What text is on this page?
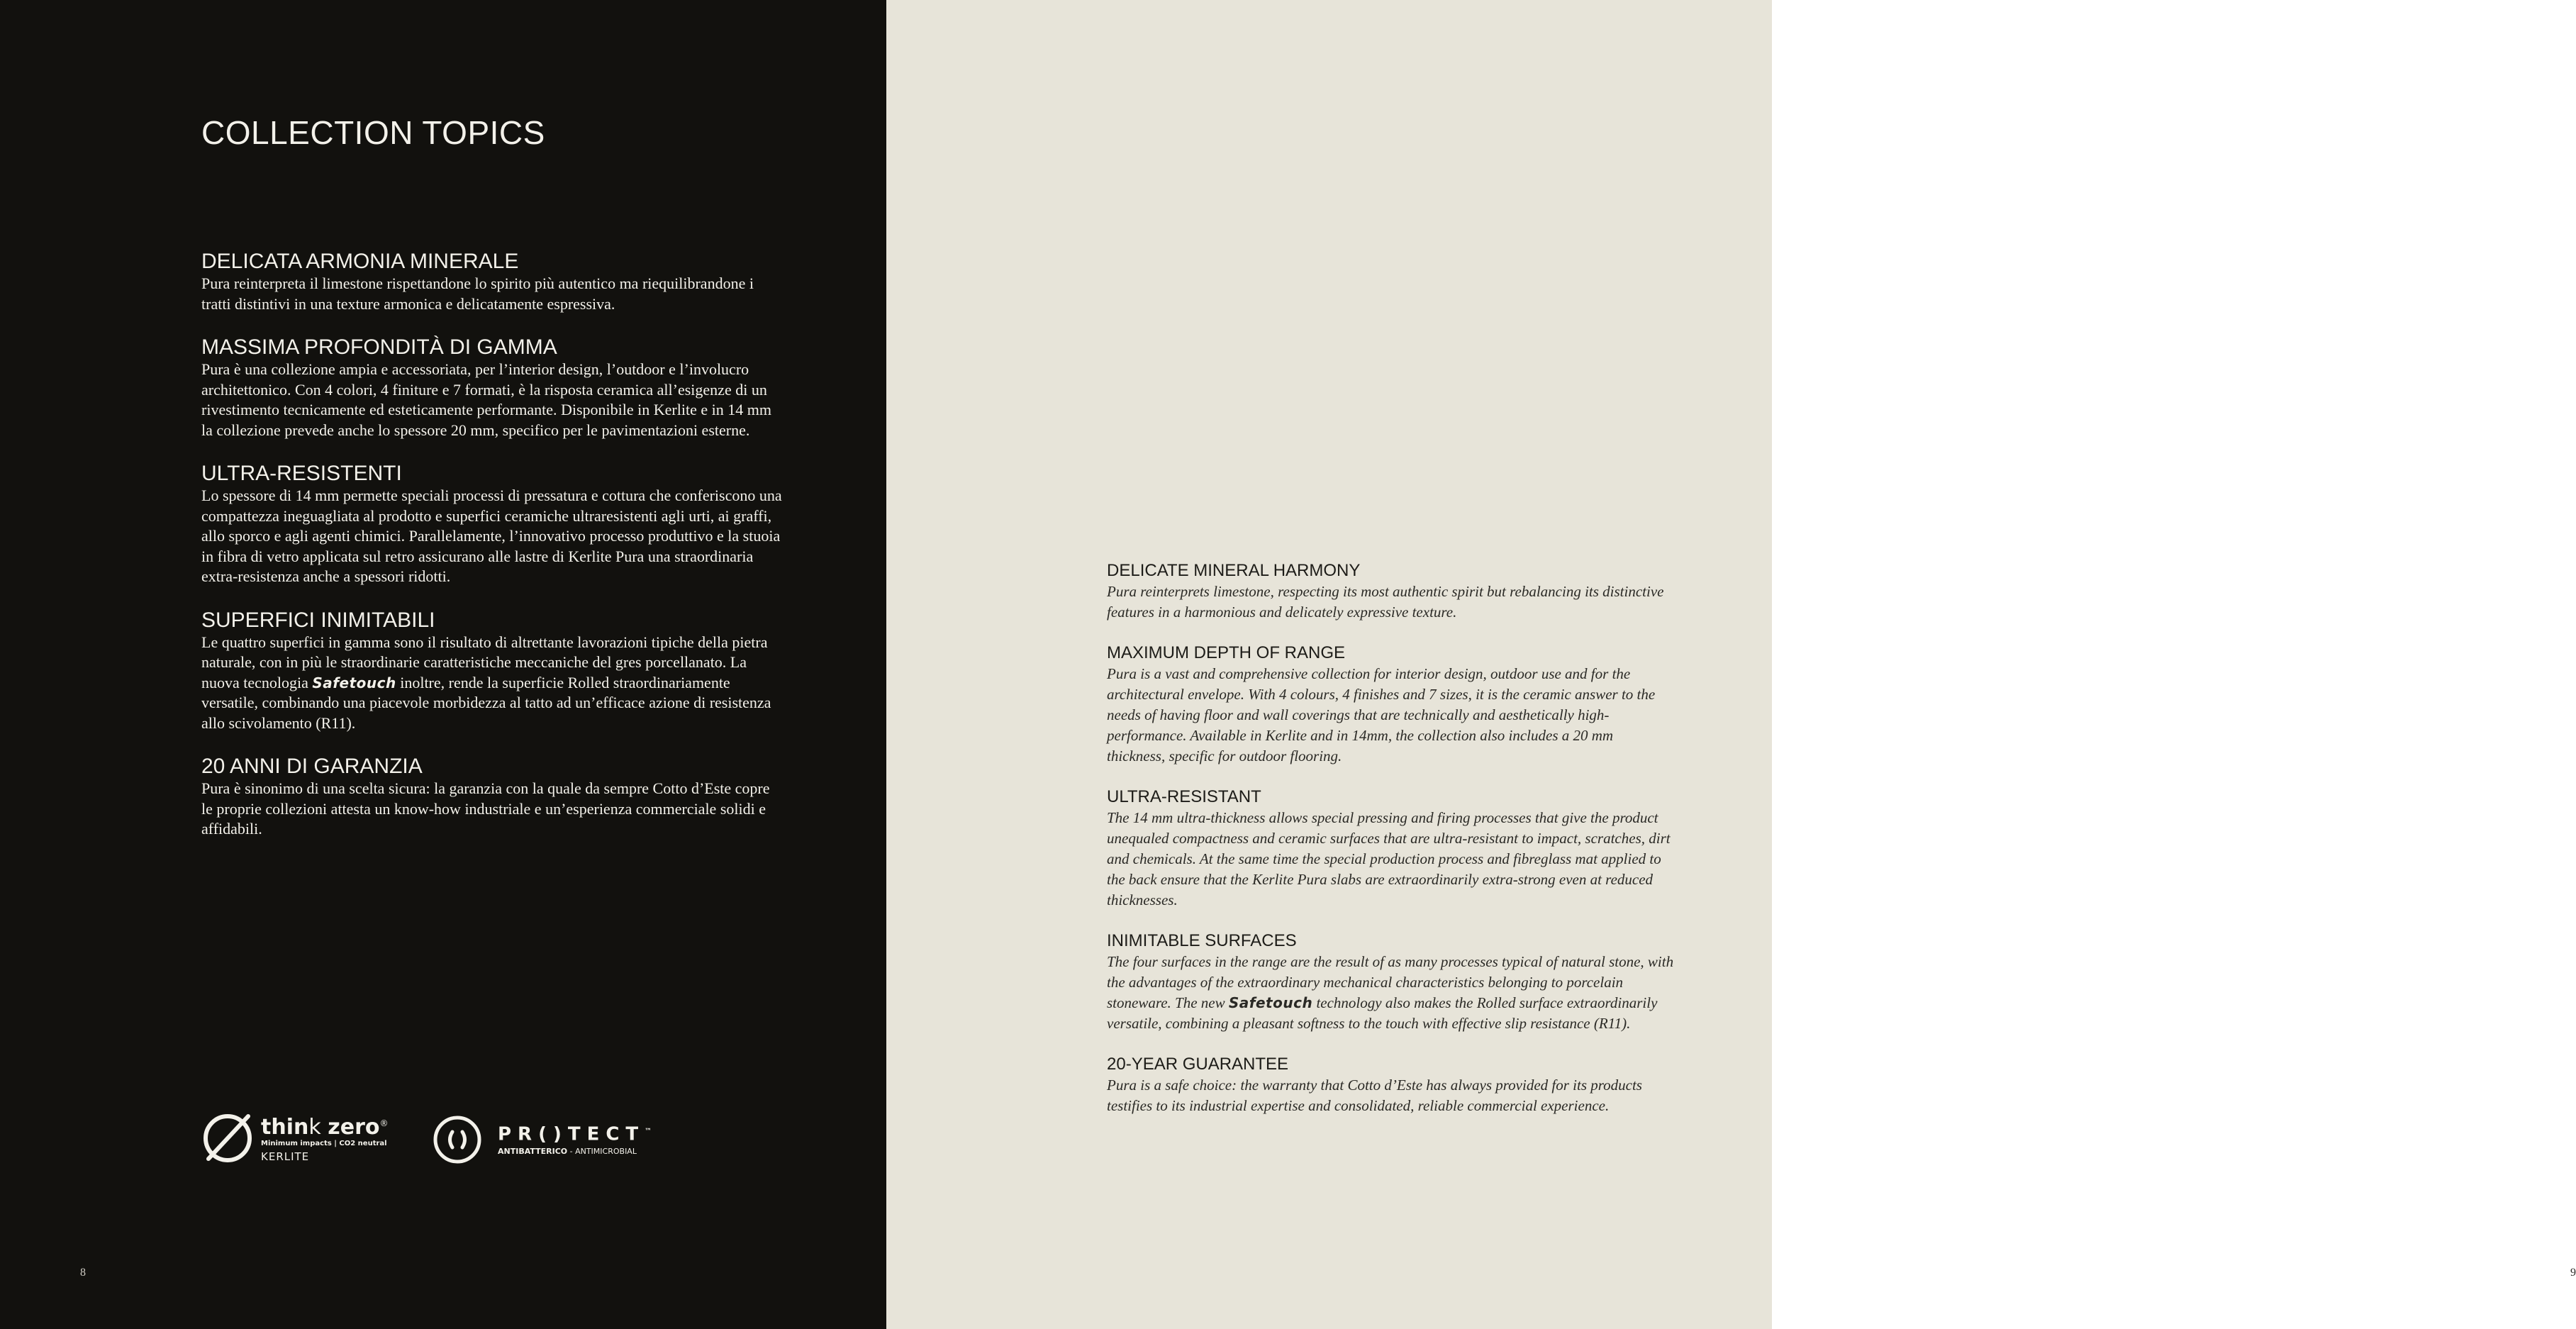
COLLECTION TOPICS
DELICATA ARMONIA MINERALE

Pura reinterpreta il limestone rispettandone lo spirito più autentico ma riequilibrandone i tratti distintivi in una texture armonica e delicatamente espressiva.

MASSIMA PROFONDITÀ DI GAMMA

Pura è una collezione ampia e accessoriata, per l’interior design, l’outdoor e l’involucro architettonico. Con 4 colori, 4 finiture e 7 formati, è la risposta ceramica all’esigenze di un rivestimento tecnicamente ed esteticamente performante. Disponibile in Kerlite e in 14 mm la collezione prevede anche lo spessore 20 mm, specifico per le pavimentazioni esterne.

ULTRA-RESISTENTI

Lo spessore di 14 mm permette speciali processi di pressatura e cottura che conferiscono una compattezza ineguagliata al prodotto e superfici ceramiche ultraresistenti agli urti, ai graffi, allo sporco e agli agenti chimici. Parallelamente, l’innovativo processo produttivo e la stuoia in fibra di vetro applicata sul retro assicurano alle lastre di Kerlite Pura una straordinaria extra-resistenza anche a spessori ridotti.

SUPERFICI INIMITABILI

Le quattro superfici in gamma sono il risultato di altrettante lavorazioni tipiche della pietra naturale, con in più le straordinarie caratteristiche meccaniche del gres porcellanato. La nuova tecnologia Safetouch inoltre, rende la superficie Rolled straordinariamente versatile, combinando una piacevole morbidezza al tatto ad un’efficace azione di resistenza allo scivolamento (R11).

20 ANNI DI GARANZIA

Pura è sinonimo di una scelta sicura: la garanzia con la quale da sempre Cotto d’Este copre le proprie collezioni attesta un know-how industriale e un’esperienza commerciale solidi e affidabili.

think zero®
Minimum impacts | CO2 neutral
KERLITE
PR()TECT™
ANTIBATTERICO - ANTIMICROBIAL
8	9
DELICATE MINERAL HARMONY

Pura reinterprets limestone, respecting its most authentic spirit but rebalancing its distinctive features in a harmonious and delicately expressive texture.

MAXIMUM DEPTH OF RANGE

Pura is a vast and comprehensive collection for interior design, outdoor use and for the architectural envelope. With 4 colours, 4 finishes and 7 sizes, it is the ceramic answer to the needs of having floor and wall coverings that are technically and aesthetically high-performance. Available in Kerlite and in 14mm, the collection also includes a 20 mm thickness, specific for outdoor flooring.

ULTRA-RESISTANT

The 14 mm ultra-thickness allows special pressing and firing processes that give the product unequaled compactness and ceramic surfaces that are ultra-resistant to impact, scratches, dirt and chemicals. At the same time the special production process and fibreglass mat applied to the back ensure that the Kerlite Pura slabs are extraordinarily extra-strong even at reduced thicknesses.

INIMITABLE SURFACES

The four surfaces in the range are the result of as many processes typical of natural stone, with the advantages of the extraordinary mechanical characteristics belonging to porcelain stoneware. The new Safetouch technology also makes the Rolled surface extraordinarily versatile, combining a pleasant softness to the touch with effective slip resistance (R11).

20-YEAR GUARANTEE

Pura is a safe choice: the warranty that Cotto d’Este has always provided for its products testifies to its industrial expertise and consolidated, reliable commercial experience.
